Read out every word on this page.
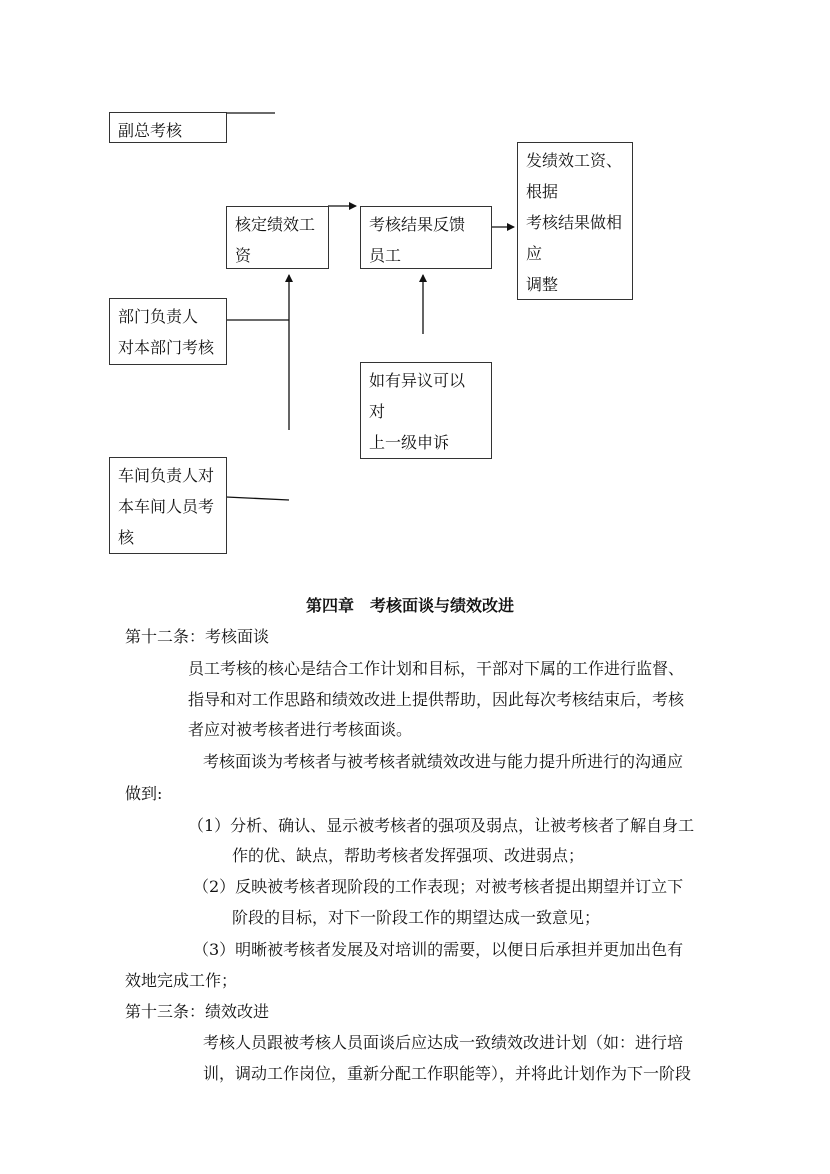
副总考核
核定绩效工
资
考核结果反馈
员工
发绩效工资、
根据
考核结果做相
应
调整
部门负责人
对本部门考核
如有异议可以
对
上一级申诉
车间负责人对
本车间人员考
核
第四章　考核面谈与绩效改进
第十二条：考核面谈
员工考核的核心是结合工作计划和目标，干部对下属的工作进行监督、
指导和对工作思路和绩效改进上提供帮助，因此每次考核结束后，考核
者应对被考核者进行考核面谈。
考核面谈为考核者与被考核者就绩效改进与能力提升所进行的沟通应
做到:
（1）分析、确认、显示被考核者的强项及弱点，让被考核者了解自身工
作的优、缺点，帮助考核者发挥强项、改进弱点；
（2）反映被考核者现阶段的工作表现；对被考核者提出期望并订立下
阶段的目标，对下一阶段工作的期望达成一致意见；
（3）明晰被考核者发展及对培训的需要，以便日后承担并更加出色有
效地完成工作；
第十三条：绩效改进
考核人员跟被考核人员面谈后应达成一致绩效改进计划（如：进行培
训，调动工作岗位，重新分配工作职能等），并将此计划作为下一阶段
